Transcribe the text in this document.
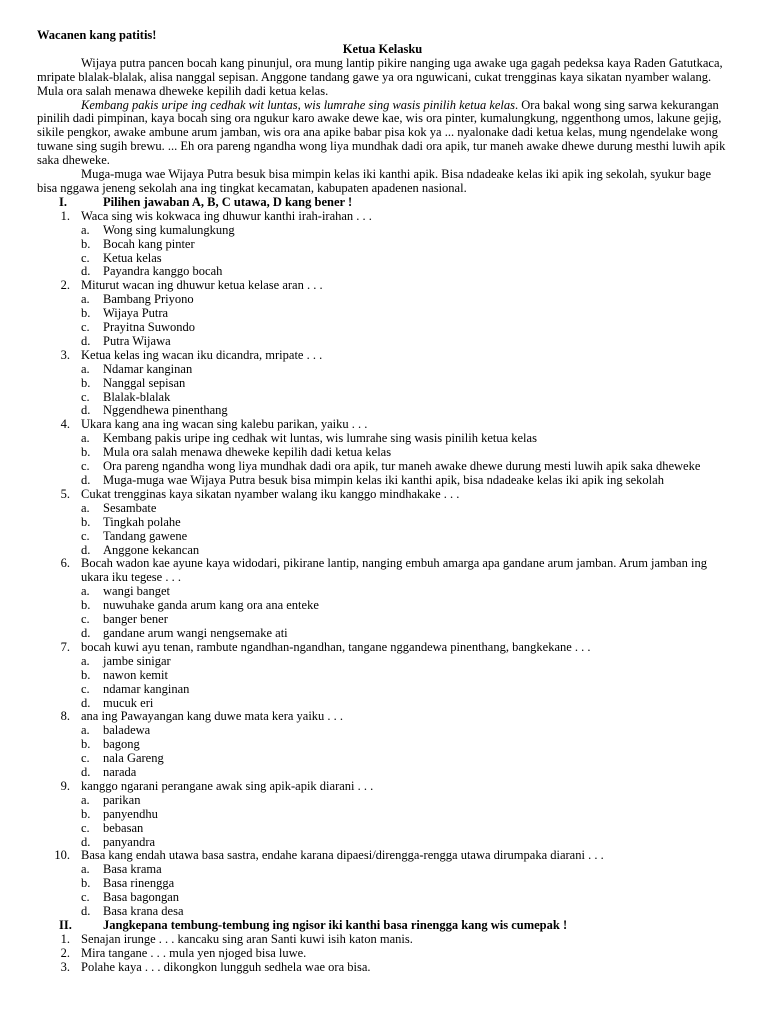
Wacanen kang patitis!
Ketua Kelasku

Wijaya putra pancen bocah kang pinunjul, ora mung lantip pikire nanging uga awake uga gagah pedeksa kaya Raden Gatutkaca, mripate blalak-blalak, alisa nanggal sepisan. Anggone tandang gawe ya ora nguwicani, cukat trengginas kaya sikatan nyamber walang. Mula ora salah menawa dheweke kepilih dadi ketua kelas.

Kembang pakis uripe ing cedhak wit luntas, wis lumrahe sing wasis pinilih ketua kelas. Ora bakal wong sing sarwa kekurangan pinilih dadi pimpinan, kaya bocah sing ora ngukur karo awake dewe kae, wis ora pinter, kumalungkung, nggenthong umos, lakune gejig, sikile pengkor, awake ambune arum jamban, wis ora ana apike babar pisa kok ya ... nyalonake dadi ketua kelas, mung ngendelake wong tuwane sing sugih brewu. ... Eh ora pareng ngandha wong liya mundhak dadi ora apik, tur maneh awake dhewe durung mesthi luwih apik saka dheweke.

Muga-muga wae Wijaya Putra besuk bisa mimpin kelas iki kanthi apik. Bisa ndadeake kelas iki apik ing sekolah, syukur bage bisa nggawa jeneng sekolah ana ing tingkat kecamatan, kabupaten apadenen nasional.

I.	Pilihen jawaban A, B, C utawa, D kang bener !
1. Waca sing wis kokwaca ing dhuwur kanthi irah-irahan . . .
a. Wong sing kumalungkung
b. Bocah kang pinter
c. Ketua kelas
d. Payandra kanggo bocah
2. Miturut wacan ing dhuwur ketua kelase aran . . .
a. Bambang Priyono
b. Wijaya Putra
c. Prayitna Suwondo
d. Putra Wijawa
3. Ketua kelas ing wacan iku dicandra, mripate . . .
a. Ndamar kanginan
b. Nanggal sepisan
c. Blalak-blalak
d. Nggendhewa pinenthang
4. Ukara kang ana ing wacan sing kalebu parikan, yaiku . . .
a. Kembang pakis uripe ing cedhak wit luntas, wis lumrahe sing wasis pinilih ketua kelas
b. Mula ora salah menawa dheweke kepilih dadi ketua kelas
c. Ora pareng ngandha wong liya mundhak dadi ora apik, tur maneh awake dhewe durung mesti luwih apik saka dheweke
d. Muga-muga wae Wijaya Putra besuk bisa mimpin kelas iki kanthi apik, bisa ndadeake kelas iki apik ing sekolah
5. Cukat trengginas kaya sikatan nyamber walang iku kanggo mindhakake . . .
a. Sesambate
b. Tingkah polahe
c. Tandang gawene
d. Anggone kekancan
6. Bocah wadon kae ayune kaya widodari, pikirane lantip, nanging embuh amarga apa gandane arum jamban. Arum jamban ing ukara iku tegese . . .
a. wangi banget
b. nuwuhake ganda arum kang ora ana enteke
c. banger bener
d. gandane arum wangi nengsemake ati
7. bocah kuwi ayu tenan, rambute ngandhan-ngandhan, tangane nggandewa pinenthang, bangkekane . . .
a. jambe sinigar
b. nawon kemit
c. ndamar kanginan
d. mucuk eri
8. ana ing Pawayangan kang duwe mata kera yaiku . . .
a. baladewa
b. bagong
c. nala Gareng
d. narada
9. kanggo ngarani perangane awak sing apik-apik diarani . . .
a. parikan
b. panyendhu
c. bebasan
d. panyandra
10. Basa kang endah utawa basa sastra, endahe karana dipaesi/direngga-rengga utawa dirumpaka diarani . . .
a. Basa krama
b. Basa rinengga
c. Basa bagongan
d. Basa krana desa
II. Jangkepana tembung-tembung ing ngisor iki kanthi basa rinengga kang wis cumepak !
1. Senajan irunge . . . kancaku sing aran Santi kuwi isih katon manis.
2. Mira tangane . . . mula yen njoged bisa luwe.
3. Polahe kaya . . . dikongkon lungguh sedhela wae ora bisa.
